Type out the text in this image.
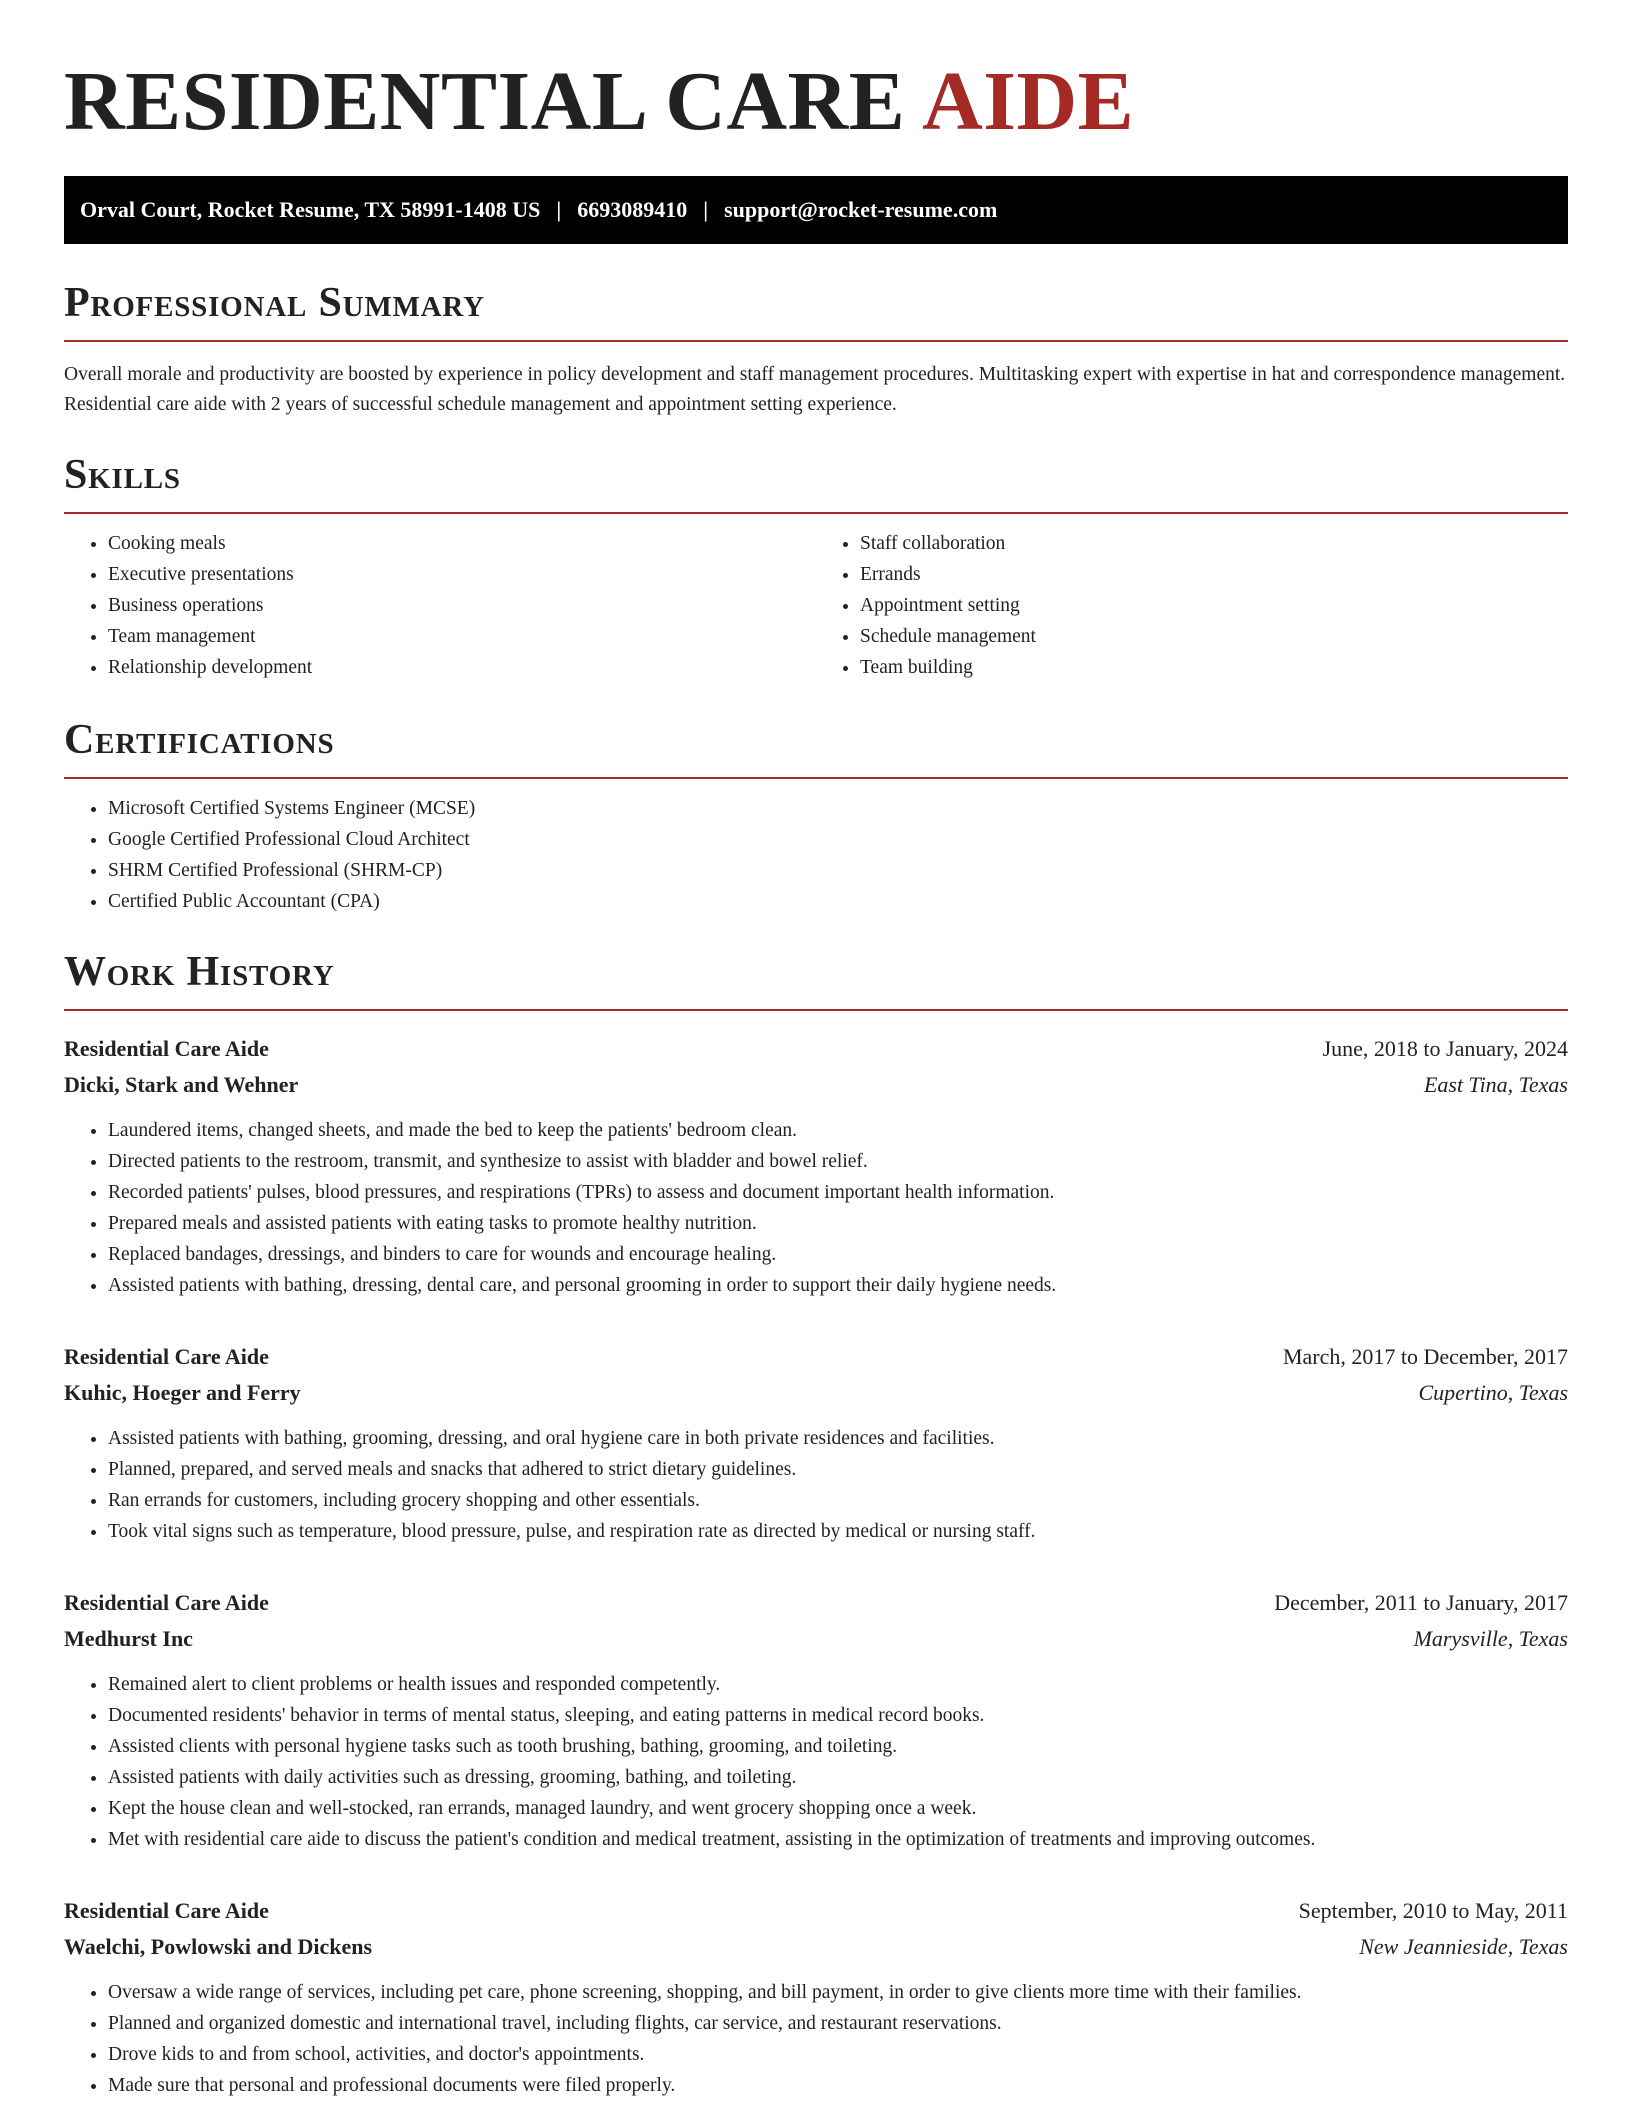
RESIDENTIAL CARE AIDE
Orval Court, Rocket Resume, TX 58991-1408 US | 6693089410 | support@rocket-resume.com
Professional Summary

Overall morale and productivity are boosted by experience in policy development and staff management procedures. Multitasking expert with expertise in hat and correspondence management. Residential care aide with 2 years of successful schedule management and appointment setting experience.

Skills
• Cooking meals
• Executive presentations
• Business operations
• Team management
• Relationship development
• Staff collaboration
• Errands
• Appointment setting
• Schedule management
• Team building
Certifications
• Microsoft Certified Systems Engineer (MCSE)
• Google Certified Professional Cloud Architect
• SHRM Certified Professional (SHRM-CP)
• Certified Public Accountant (CPA)
Work History
Residential Care Aide	June, 2018 to January, 2024
Dicki, Stark and Wehner	East Tina, Texas
• Laundered items, changed sheets, and made the bed to keep the patients' bedroom clean.
• Directed patients to the restroom, transmit, and synthesize to assist with bladder and bowel relief.
• Recorded patients' pulses, blood pressures, and respirations (TPRs) to assess and document important health information.
• Prepared meals and assisted patients with eating tasks to promote healthy nutrition.
• Replaced bandages, dressings, and binders to care for wounds and encourage healing.
• Assisted patients with bathing, dressing, dental care, and personal grooming in order to support their daily hygiene needs.
Residential Care Aide	March, 2017 to December, 2017
Kuhic, Hoeger and Ferry	Cupertino, Texas
• Assisted patients with bathing, grooming, dressing, and oral hygiene care in both private residences and facilities.
• Planned, prepared, and served meals and snacks that adhered to strict dietary guidelines.
• Ran errands for customers, including grocery shopping and other essentials.
• Took vital signs such as temperature, blood pressure, pulse, and respiration rate as directed by medical or nursing staff.
Residential Care Aide	December, 2011 to January, 2017
Medhurst Inc	Marysville, Texas
• Remained alert to client problems or health issues and responded competently.
• Documented residents' behavior in terms of mental status, sleeping, and eating patterns in medical record books.
• Assisted clients with personal hygiene tasks such as tooth brushing, bathing, grooming, and toileting.
• Assisted patients with daily activities such as dressing, grooming, bathing, and toileting.
• Kept the house clean and well-stocked, ran errands, managed laundry, and went grocery shopping once a week.
• Met with residential care aide to discuss the patient's condition and medical treatment, assisting in the optimization of treatments and improving outcomes.
Residential Care Aide	September, 2010 to May, 2011
Waelchi, Powlowski and Dickens	New Jeannieside, Texas
• Oversaw a wide range of services, including pet care, phone screening, shopping, and bill payment, in order to give clients more time with their families.
• Planned and organized domestic and international travel, including flights, car service, and restaurant reservations.
• Drove kids to and from school, activities, and doctor's appointments.
• Made sure that personal and professional documents were filed properly.
